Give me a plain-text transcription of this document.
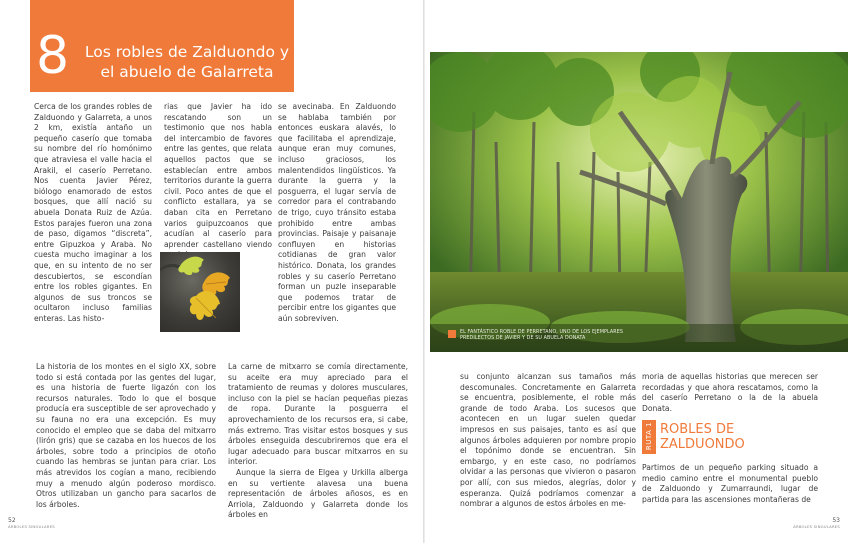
8 Los robles de Zalduondo y el abuelo de Galarreta

Cerca de los grandes robles de Zalduondo y Galarreta, a unos 2 km, existía antaño un pequeño caserío que tomaba su nombre del río homónimo que atraviesa el valle hacia el Arakil, el caserío Perretano. Nos cuenta Javier Pérez, biólogo enamorado de estos bosques, que allí nació su abuela Donata Ruiz de Azúa. Estos parajes fueron una zona de paso, digamos “discreta”, entre Gipuzkoa y Araba. No cuesta mucho imaginar a los que, en su intento de no ser descubiertos, se escondían entre los robles gigantes. En algunos de sus troncos se ocultaron incluso familias enteras. Las histo-

rias que Javier ha ido rescatando son un testimonio que nos habla del intercambio de favores entre las gentes, que relata aquellos pactos que se establecían entre ambos territorios durante la guerra civil. Poco antes de que el conflicto estallara, ya se daban cita en Perretano varios guipuzcoanos que acudían al caserío para aprender castellano viendo

se avecinaba. En Zalduondo se hablaba también por entonces euskara alavés, lo que facilitaba el aprendizaje, aunque eran muy comunes, incluso graciosos, los malentendidos lingüísticos. Ya durante la guerra y la posguerra, el lugar servía de corredor para el contrabando de trigo, cuyo tránsito estaba prohibido entre ambas provincias. Paisaje y paisanaje confluyen en historias cotidianas de gran valor histórico. Donata, los grandes robles y su caserío Perretano forman un puzle inseparable que podemos tratar de percibir entre los gigantes que aún sobreviven.

La historia de los montes en el siglo XX, sobre todo si está contada por las gentes del lugar, es una historia de fuerte ligazón con los recursos naturales. Todo lo que el bosque producía era susceptible de ser aprovechado y su fauna no era una excepción. Es muy conocido el empleo que se daba del mitxarro (lirón gris) que se cazaba en los huecos de los árboles, sobre todo a principios de otoño cuando las hembras se juntan para criar. Los más atrevidos los cogían a mano, recibiendo muy a menudo algún poderoso mordisco. Otros utilizaban un gancho para sacarlos de los árboles.

La carne de mitxarro se comía directamente, su aceite era muy apreciado para el tratamiento de reumas y dolores musculares, incluso con la piel se hacían pequeñas piezas de ropa. Durante la posguerra el aprovechamiento de los recursos era, si cabe, más extremo. Tras visitar estos bosques y sus árboles enseguida descubriremos que era el lugar adecuado para buscar mitxarros en su interior.

Aunque la sierra de Elgea y Urkilla alberga en su vertiente alavesa una buena representación de árboles añosos, es en Arriola, Zalduondo y Galarreta donde los árboles en

EL FANTÁSTICO ROBLE DE PERRETANO, UNO DE LOS EJEMPLARES PREDILECTOS DE JAVIER Y DE SU ABUELA DONATA

su conjunto alcanzan sus tamaños más descomunales. Concretamente en Galarreta se encuentra, posiblemente, el roble más grande de todo Araba. Los sucesos que acontecen en un lugar suelen quedar impresos en sus paisajes, tanto es así que algunos árboles adquieren por nombre propio el topónimo donde se encuentran. Sin embargo, y en este caso, no podríamos olvidar a las personas que vivieron o pasaron por allí, con sus miedos, alegrías, dolor y esperanza. Quizá podríamos comenzar a nombrar a algunos de estos árboles en me-

moria de aquellas historias que merecen ser recordadas y que ahora rescatamos, como la del caserío Perretano o la de la abuela Donata.

RUTA 1 ROBLES DE ZALDUONDO

Partimos de un pequeño parking situado a medio camino entre el monumental pueblo de Zalduondo y Zumarraundi, lugar de partida para las ascensiones montañeras de

52
ÁRBOLES SINGULARES
53
ÁRBOLES SINGULARES
